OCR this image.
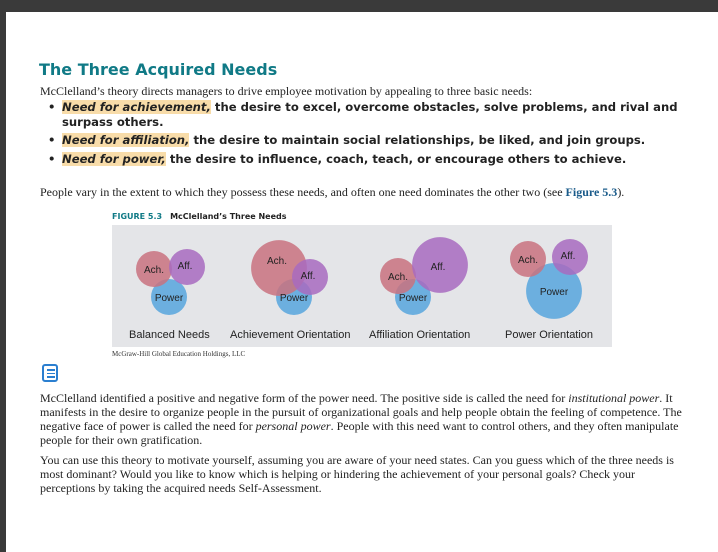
The Three Acquired Needs
McClelland’s theory directs managers to drive employee motivation by appealing to three basic needs:
• Need for achievement, the desire to excel, overcome obstacles, solve problems, and rival and surpass others.
• Need for affiliation, the desire to maintain social relationships, be liked, and join groups.
• Need for power, the desire to influence, coach, teach, or encourage others to achieve.
People vary in the extent to which they possess these needs, and often one need dominates the other two (see Figure 5.3).
FIGURE 5.3 McClelland’s Three Needs
Ach. Aff.
Power
Ach.
Aff.
Power
Ach.
Aff.
Power
Ach. Aff.
Power
Balanced Needs Achievement Orientation Affiliation Orientation	Power Orientation
McGraw-Hill Global Education Holdings, LLC
McClelland identified a positive and negative form of the power need. The positive side is called the need for institutional power. It manifests in the desire to organize people in the pursuit of organizational goals and help people obtain the feeling of competence. The negative face of power is called the need for personal power. People with this need want to control others, and they often manipulate people for their own gratification.
You can use this theory to motivate yourself, assuming you are aware of your need states. Can you guess which of the three needs is most dominant? Would you like to know which is helping or hindering the achievement of your personal goals? Check your perceptions by taking the acquired needs Self-Assessment.
